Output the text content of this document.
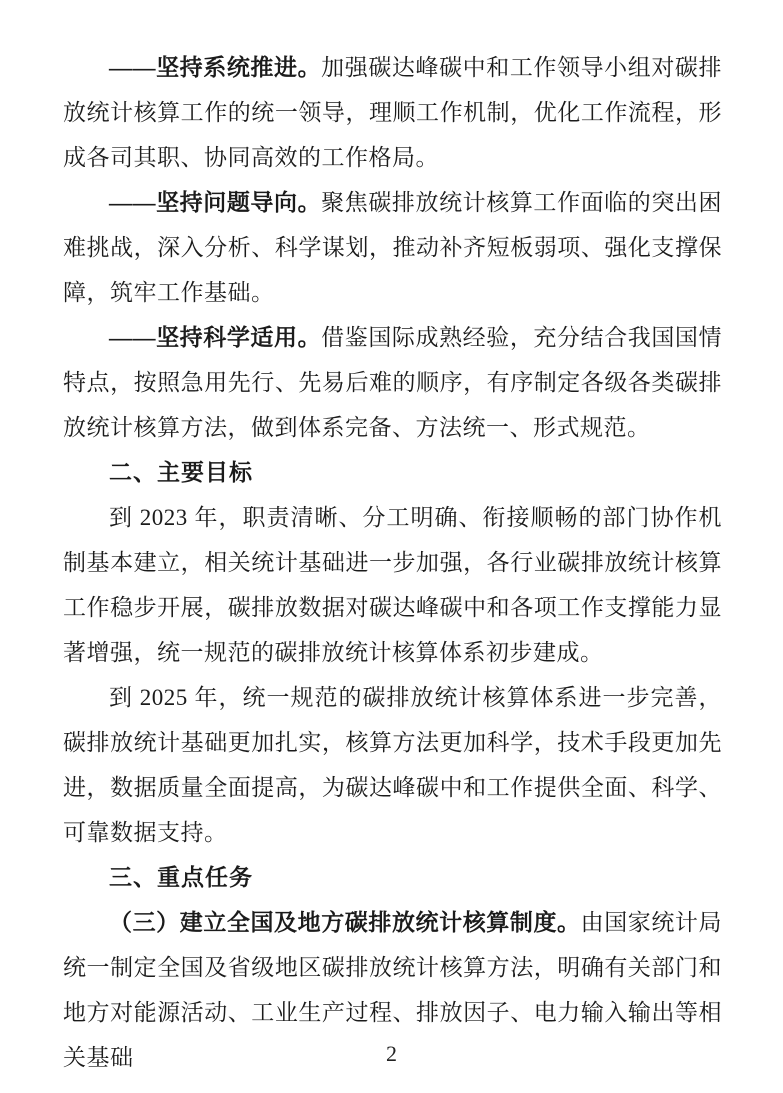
——坚持系统推进。加强碳达峰碳中和工作领导小组对碳排放统计核算工作的统一领导，理顺工作机制，优化工作流程，形成各司其职、协同高效的工作格局。

——坚持问题导向。聚焦碳排放统计核算工作面临的突出困难挑战，深入分析、科学谋划，推动补齐短板弱项、强化支撑保障，筑牢工作基础。

——坚持科学适用。借鉴国际成熟经验，充分结合我国国情特点，按照急用先行、先易后难的顺序，有序制定各级各类碳排放统计核算方法，做到体系完备、方法统一、形式规范。

二、主要目标

到 2023 年，职责清晰、分工明确、衔接顺畅的部门协作机制基本建立，相关统计基础进一步加强，各行业碳排放统计核算工作稳步开展，碳排放数据对碳达峰碳中和各项工作支撑能力显著增强，统一规范的碳排放统计核算体系初步建成。

到 2025 年，统一规范的碳排放统计核算体系进一步完善，碳排放统计基础更加扎实，核算方法更加科学，技术手段更加先进，数据质量全面提高，为碳达峰碳中和工作提供全面、科学、可靠数据支持。

三、重点任务

（三）建立全国及地方碳排放统计核算制度。由国家统计局统一制定全国及省级地区碳排放统计核算方法，明确有关部门和地方对能源活动、工业生产过程、排放因子、电力输入输出等相关基础	2
